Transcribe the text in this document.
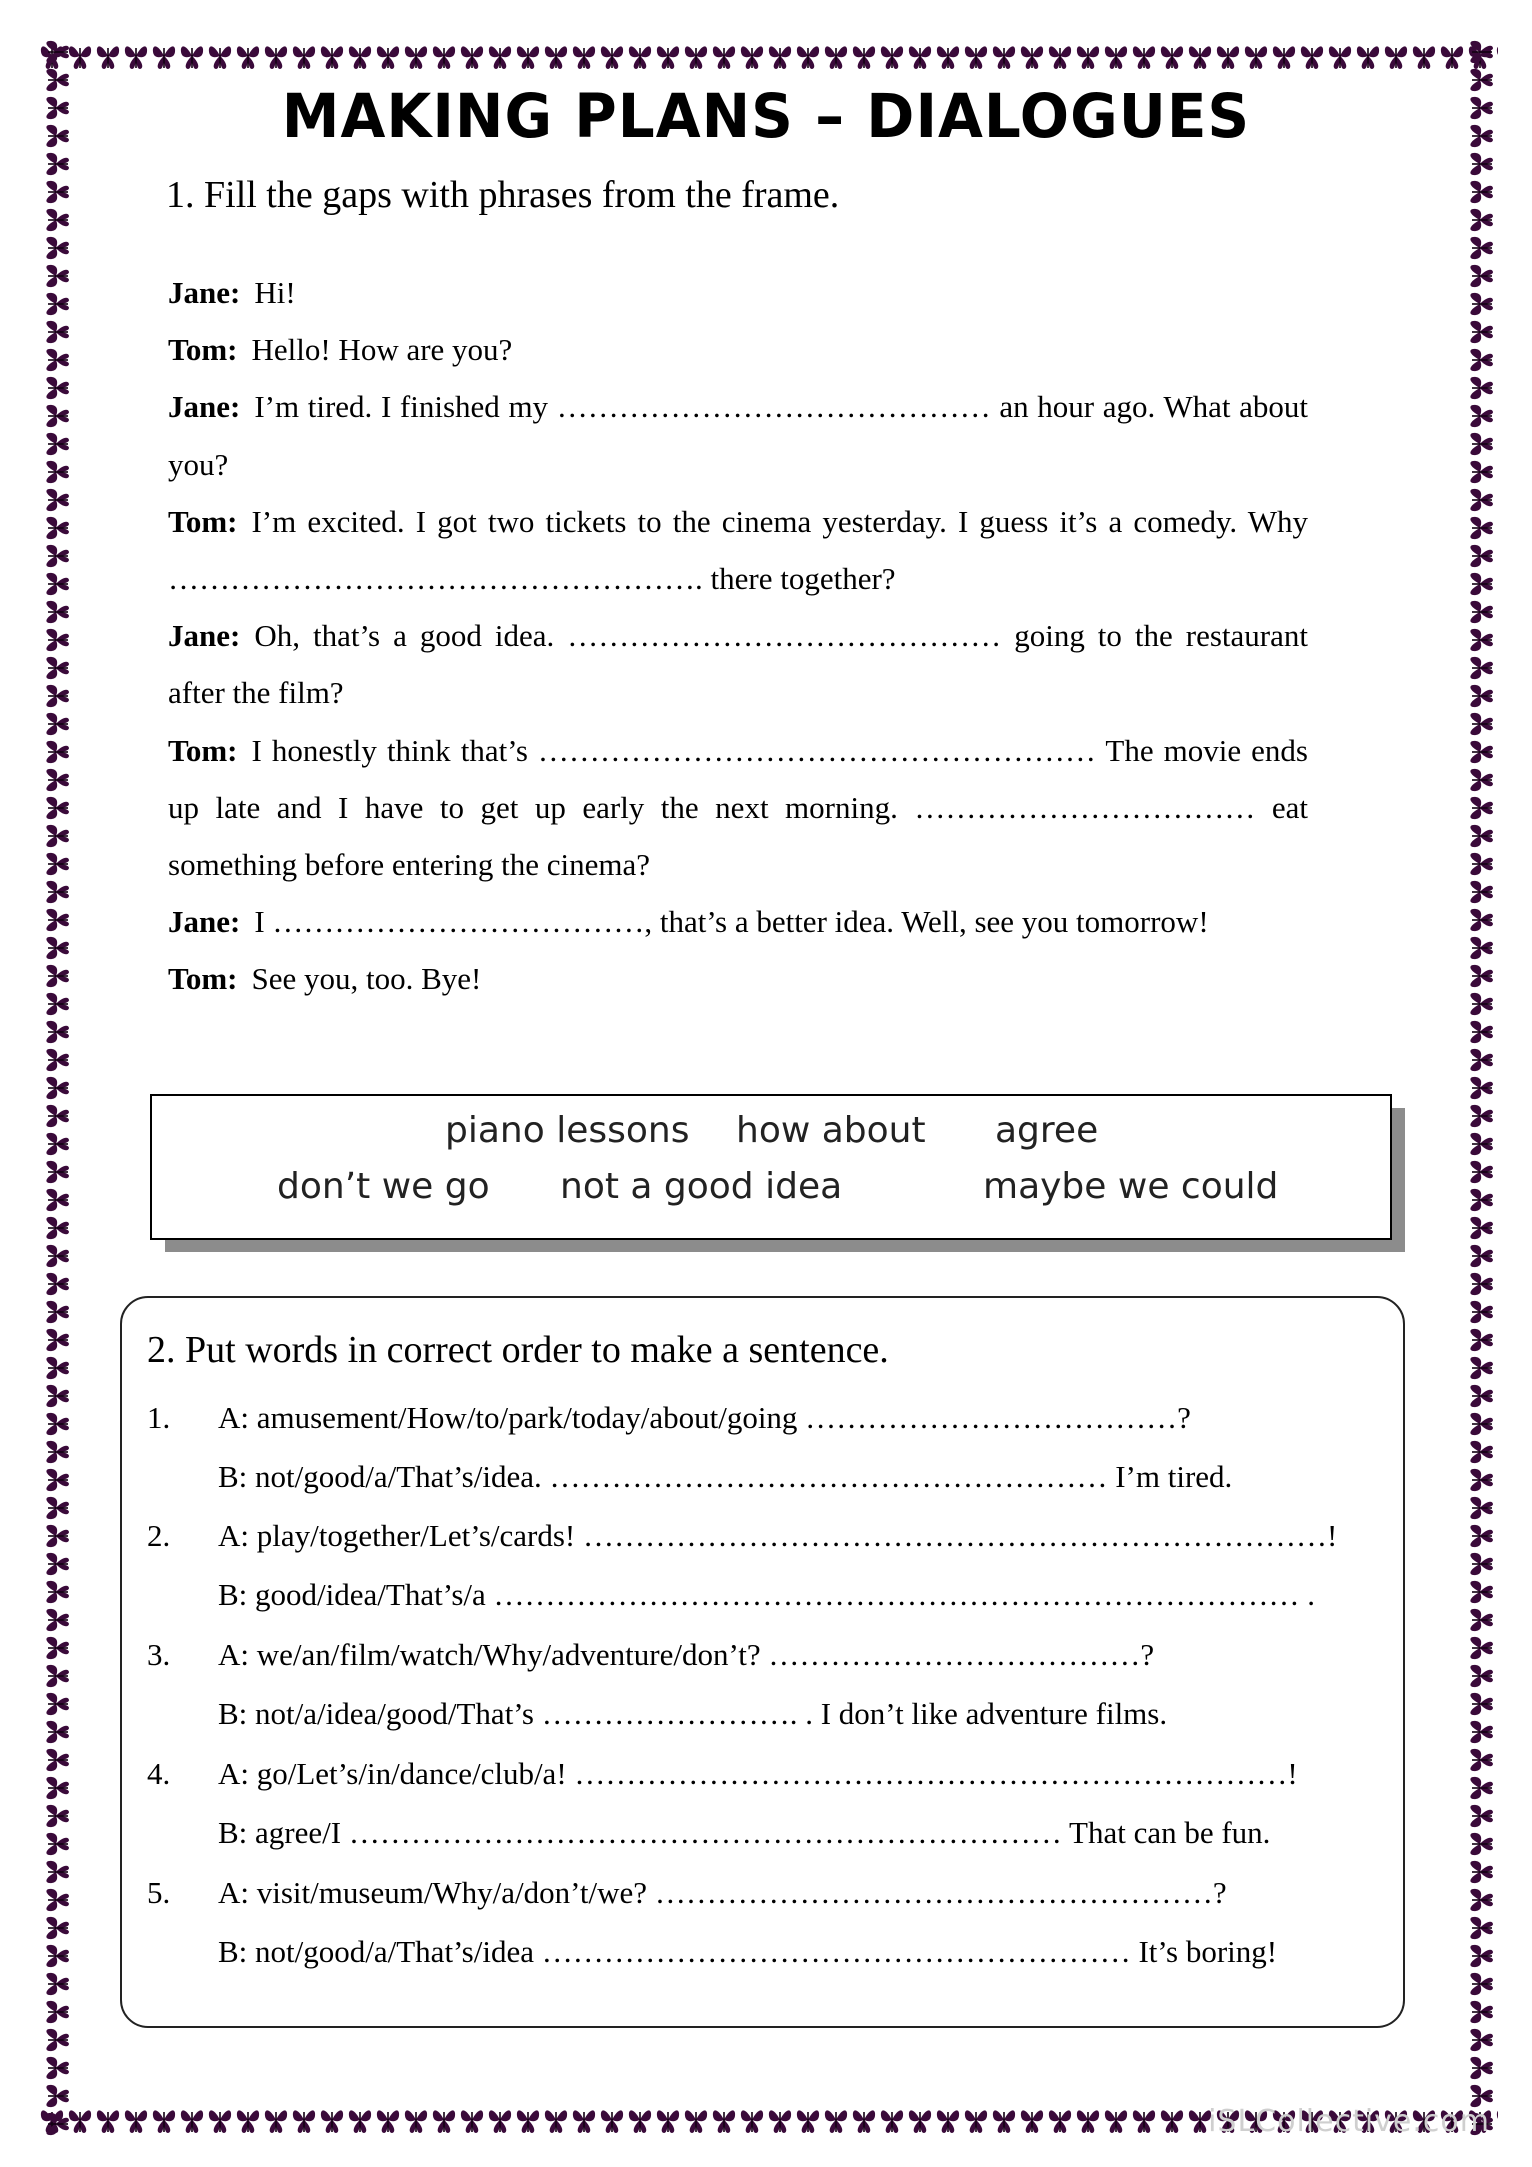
MAKING PLANS – DIALOGUES
1. Fill the gaps with phrases from the frame.
Jane: Hi!
Tom: Hello! How are you?
Jane: I’m tired. I finished my …………………………………… an hour ago. What about you?
Tom: I’m excited. I got two tickets to the cinema yesterday. I guess it’s a comedy. Why ……………………………………………. there together?
Jane: Oh, that’s a good idea. …………………………………… going to the restaurant after the film?
Tom: I honestly think that’s ……………………………………………… The movie ends up late and I have to get up early the next morning. …………………………… eat something before entering the cinema?
Jane: I ………………………………, that’s a better idea. Well, see you tomorrow!
Tom: See you, too. Bye!
piano lessons how about agree
don’t we go not a good idea	maybe we could
2. Put words in correct order to make a sentence.
1. A: amusement/How/to/park/today/about/going ………………………………?
B: not/good/a/That’s/idea. ……………………………………………… I’m tired.
2. A: play/together/Let’s/cards! ………………………………………………………………!
B: good/idea/That’s/a …………………………………………………………………… .
3. A: we/an/film/watch/Why/adventure/don’t? ………………………………?
B: not/a/idea/good/That’s ……………………. . I don’t like adventure films.
4. A: go/Let’s/in/dance/club/a! ……………………………………………………………!
B: agree/I …………………………………………………………… That can be fun.
5. A: visit/museum/Why/a/don’t/we? ………………………………………………?
B: not/good/a/That’s/idea ………………………………………………… It’s boring!
iSLCollective.com
